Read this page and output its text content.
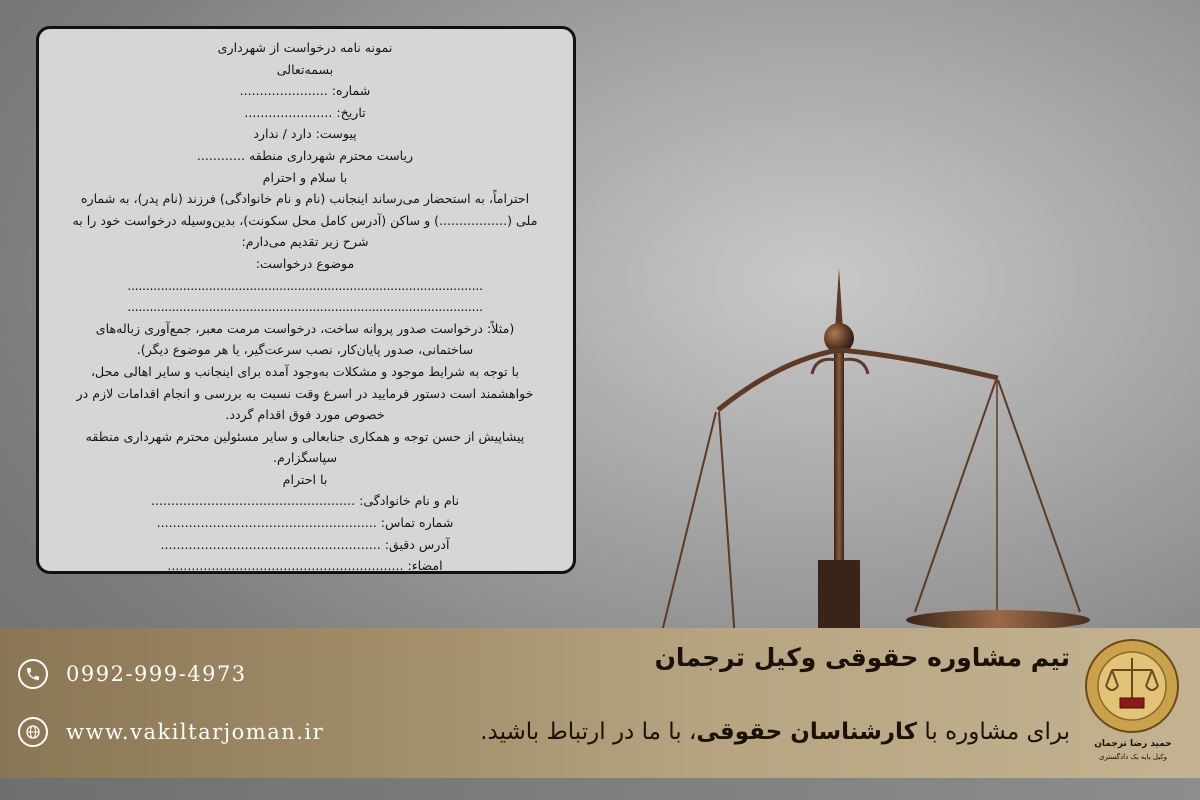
نمونه نامه درخواست از شهرداری
بسمه‌تعالی
شماره: ......................
تاریخ: ......................
پیوست: دارد / ندارد
ریاست محترم شهرداری منطقه ............
با سلام و احترام
احتراماً، به استحضار می‌رساند اینجانب (نام و نام خانوادگی) فرزند (نام پدر)، به شماره
ملی (.................) و ساکن (آدرس کامل محل سکونت)، بدین‌وسیله درخواست خود را به
شرح زیر تقدیم می‌دارم:
موضوع درخواست:
................................................................................................
................................................................................................
(مثلاً: درخواست صدور پروانه ساخت، درخواست مرمت معبر، جمع‌آوری زباله‌های
ساختمانی، صدور پایان‌کار، نصب سرعت‌گیر، یا هر موضوع دیگر).
با توجه به شرایط موجود و مشکلات به‌وجود آمده برای اینجانب و سایر اهالی محل،
خواهشمند است دستور فرمایید در اسرع وقت نسبت به بررسی و انجام اقدامات لازم در
خصوص مورد فوق اقدام گردد.
پیشاپیش از حسن توجه و همکاری جنابعالی و سایر مسئولین محترم شهرداری منطقه
سپاسگزارم.
با احترام
نام و نام خانوادگی: ...................................................
شماره تماس: .......................................................
آدرس دقیق: .......................................................
امضاء: ...........................................................
تیم مشاوره حقوقی وکیل ترجمان
برای مشاوره با کارشناسان حقوقی، با ما در ارتباط باشید.
0992-999-4973
www.vakiltarjoman.ir	حمید رضا ترجمان
وکیل پایه یک دادگستری
